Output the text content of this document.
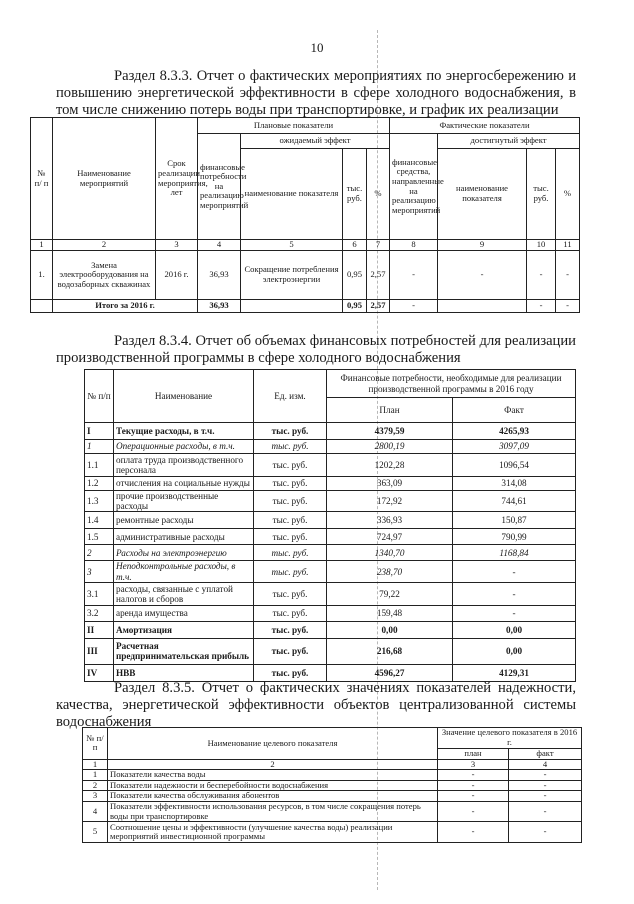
10
Раздел 8.3.3. Отчет о фактических мероприятиях по энергосбережению и повышению энергетической эффективности в сфере холодного водоснабжения, в том числе снижению потерь воды при транспортировке, и график их реализации
№ п/ п	Наименование мероприятий	Срок реализации мероприятия, лет	Плановые показатели				Фактические показатели			
			финансовые потребности на реализацию мероприятий	ожидаемый эффект			финансовые средства, направленные на реализацию мероприятий	достигнутый эффект		
				наименование показателя	тыс. руб.	%		наименование показателя	тыс. руб.	%
1	2	3	4	5	6	7	8	9	10	11
1.	Замена электрооборудования на водозаборных скважинах	2016 г.	36,93	Сокращение потребления электроэнергии	0,95	2,57	-	-	-	-
	Итого за 2016 г.		36,93		0,95	2,57	-		-	-
Раздел 8.3.4. Отчет об объемах финансовых потребностей для реализации производственной программы в сфере холодного водоснабжения
№ п/п	Наименование	Ед. изм.	Финансовые потребности, необходимые для реализации производственной программы в 2016 году	
			План	Факт
I	Текущие расходы, в т.ч.	тыс. руб.	4379,59	4265,93
1	Операционные расходы, в т.ч.	тыс. руб.	2800,19	3097,09
1.1	оплата труда производственного персонала	тыс. руб.	1202,28	1096,54
1.2	отчисления на социальные нужды	тыс. руб.	363,09	314,08
1.3	прочие производственные расходы	тыс. руб.	172,92	744,61
1.4	ремонтные расходы	тыс. руб.	336,93	150,87
1.5	административные расходы	тыс. руб.	724,97	790,99
2	Расходы на электроэнергию	тыс. руб.	1340,70	1168,84
3	Неподконтрольные расходы, в т.ч.	тыс. руб.	238,70	-
3.1	расходы, связанные с уплатой налогов и сборов	тыс. руб.	79,22	-
3.2	аренда имущества	тыс. руб.	159,48	-
II	Амортизация	тыс. руб.	0,00	0,00
III	Расчетная предпринимательская прибыль	тыс. руб.	216,68	0,00
IV	НВВ	тыс. руб.	4596,27	4129,31
Раздел 8.3.5. Отчет о фактических значениях показателей надежности, качества, энергетической эффективности объектов централизованной системы водоснабжения
№ п/п	Наименование целевого показателя	Значение целевого показателя в 2016 г.	
		план	факт
1	2	3	4
1	Показатели качества воды	-	-
2	Показатели надежности и бесперебойности водоснабжения	-	-
3	Показатели качества обслуживания абонентов	-	-
4	Показатели эффективности использования ресурсов, в том числе сокращения потерь воды при транспортировке	-	-
5	Соотношение цены и эффективности (улучшение качества воды) реализации мероприятий инвестиционной программы	-	-
